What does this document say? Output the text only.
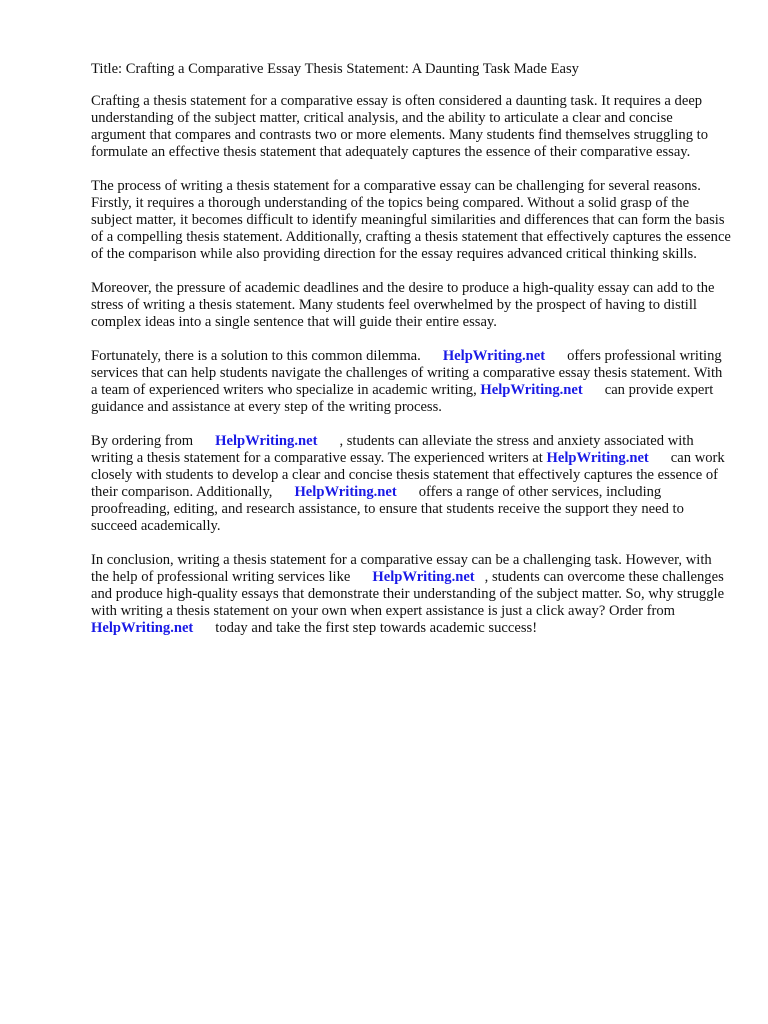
Title: Crafting a Comparative Essay Thesis Statement: A Daunting Task Made Easy

Crafting a thesis statement for a comparative essay is often considered a daunting task. It requires a deep understanding of the subject matter, critical analysis, and the ability to articulate a clear and concise argument that compares and contrasts two or more elements. Many students find themselves struggling to formulate an effective thesis statement that adequately captures the essence of their comparative essay.

The process of writing a thesis statement for a comparative essay can be challenging for several reasons. Firstly, it requires a thorough understanding of the topics being compared. Without a solid grasp of the subject matter, it becomes difficult to identify meaningful similarities and differences that can form the basis of a compelling thesis statement. Additionally, crafting a thesis statement that effectively captures the essence of the comparison while also providing direction for the essay requires advanced critical thinking skills.

Moreover, the pressure of academic deadlines and the desire to produce a high-quality essay can add to the stress of writing a thesis statement. Many students feel overwhelmed by the prospect of having to distill complex ideas into a single sentence that will guide their entire essay.

Fortunately, there is a solution to this common dilemma. HelpWriting.net offers professional writing services that can help students navigate the challenges of writing a comparative essay thesis statement. With a team of experienced writers who specialize in academic writing, HelpWriting.net can provide expert guidance and assistance at every step of the writing process.

By ordering from HelpWriting.net , students can alleviate the stress and anxiety associated with writing a thesis statement for a comparative essay. The experienced writers at HelpWriting.net can work closely with students to develop a clear and concise thesis statement that effectively captures the essence of their comparison. Additionally, HelpWriting.net offers a range of other services, including proofreading, editing, and research assistance, to ensure that students receive the support they need to succeed academically.

In conclusion, writing a thesis statement for a comparative essay can be a challenging task. However, with the help of professional writing services like HelpWriting.net , students can overcome these challenges and produce high-quality essays that demonstrate their understanding of the subject matter. So, why struggle with writing a thesis statement on your own when expert assistance is just a click away? Order fromHelpWriting.net today and take the first step towards academic success!
